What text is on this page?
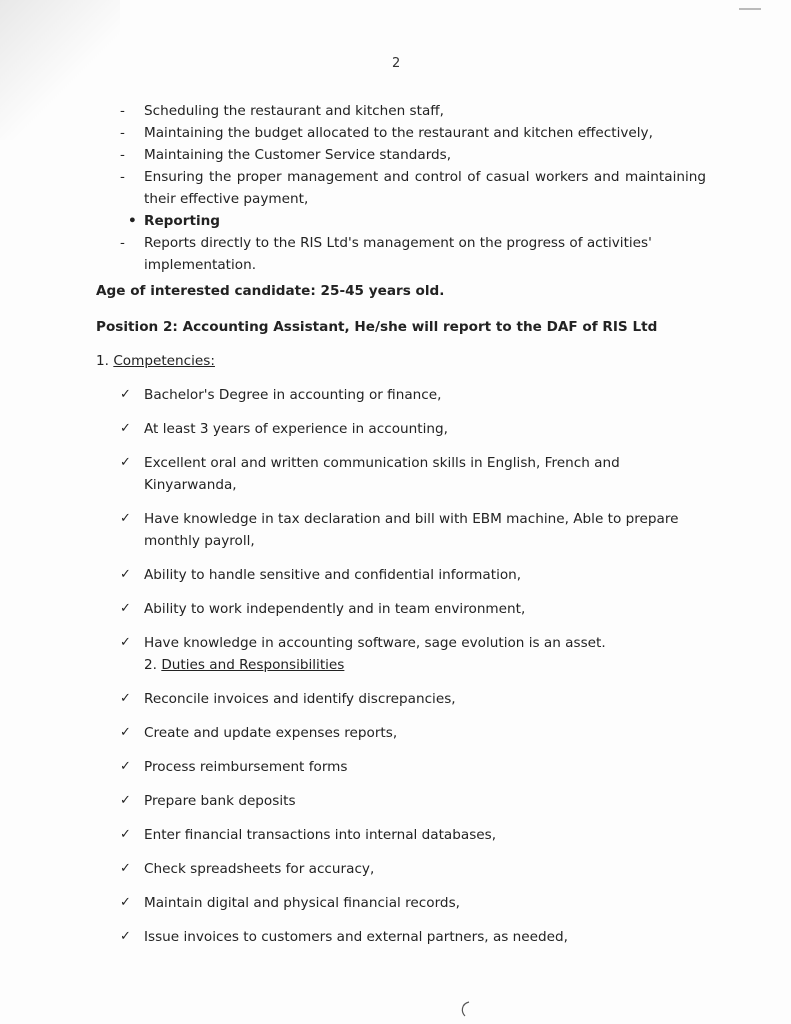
2
-	Scheduling the restaurant and kitchen staff,
-	Maintaining the budget allocated to the restaurant and kitchen effectively,
-	Maintaining the Customer Service standards,
-	Ensuring the proper management and control of casual workers and maintaining their effective payment,
• Reporting
-	Reports directly to the RIS Ltd's management on the progress of activities' implementation.
Age of interested candidate: 25-45 years old.
Position 2: Accounting Assistant, He/she will report to the DAF of RIS Ltd
1. Competencies:
✓ Bachelor's Degree in accounting or finance,
✓ At least 3 years of experience in accounting,
✓ Excellent oral and written communication skills in English, French and Kinyarwanda,
✓ Have knowledge in tax declaration and bill with EBM machine, Able to prepare monthly payroll,
✓ Ability to handle sensitive and confidential information,
✓ Ability to work independently and in team environment,
✓ Have knowledge in accounting software, sage evolution is an asset.
2. Duties and Responsibilities
✓ Reconcile invoices and identify discrepancies,
✓ Create and update expenses reports,
✓ Process reimbursement forms
✓ Prepare bank deposits
✓ Enter financial transactions into internal databases,
✓ Check spreadsheets for accuracy,
✓ Maintain digital and physical financial records,
✓ Issue invoices to customers and external partners, as needed,
